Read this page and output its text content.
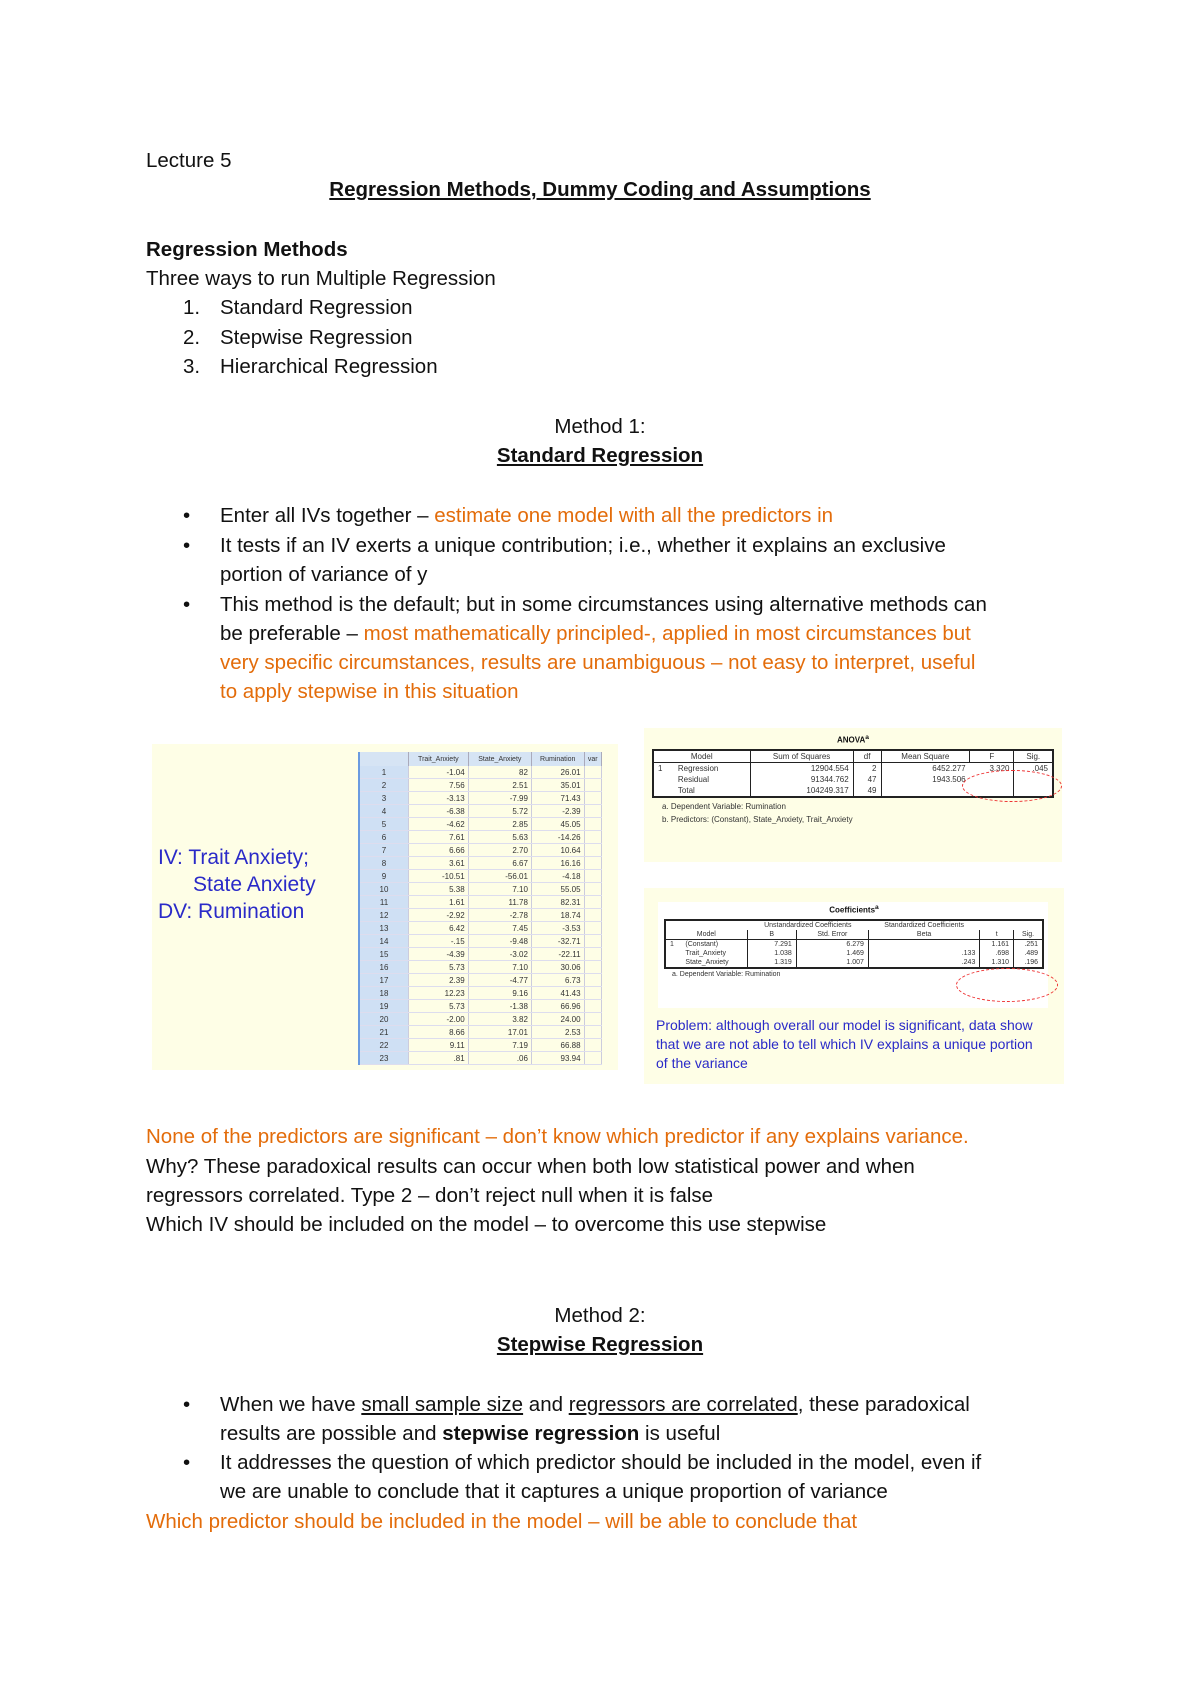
Lecture 5
Regression Methods, Dummy Coding and Assumptions
Regression Methods
Three ways to run Multiple Regression
1. Standard Regression
2. Stepwise Regression
3. Hierarchical Regression
Method 1:
Standard Regression
• Enter all IVs together – estimate one model with all the predictors in
• It tests if an IV exerts a unique contribution; i.e., whether it explains an exclusive
portion of variance of y
• This method is the default; but in some circumstances using alternative methods can
be preferable – most mathematically principled-, applied in most circumstances but
very specific circumstances, results are unambiguous – not easy to interpret, useful
to apply stepwise in this situation
IV: Trait Anxiety;
State Anxiety
DV: Rumination
	Trait_Anxiety	State_Anxiety	Rumination	var
1	-1.04	82	26.01	
2	7.56	2.51	35.01	
3	-3.13	-7.99	71.43	
4	-6.38	5.72	-2.39	
5	-4.62	2.85	45.05	
6	7.61	5.63	-14.26	
7	6.66	2.70	10.64	
8	3.61	6.67	16.16	
9	-10.51	-56.01	-4.18	
10	5.38	7.10	55.05	
11	1.61	11.78	82.31	
12	-2.92	-2.78	18.74	
13	6.42	7.45	-3.53	
14	-.15	-9.48	-32.71	
15	-4.39	-3.02	-22.11	
16	5.73	7.10	30.06	
17	2.39	-4.77	6.73	
18	12.23	9.16	41.43	
19	5.73	-1.38	66.96	
20	-2.00	3.82	24.00	
21	8.66	17.01	2.53	
22	9.11	7.19	66.88	
23	.81	.06	93.94	
ANOVA$^a$
Model		Sum of Squares	df	Mean Square	F	Sig.
1	Regression	12904.554	2	6452.277	3.320	.045
	Residual	91344.762	47	1943.506		
	Total	104249.317	49			
a. Dependent Variable: Rumination
b. Predictors: (Constant), State_Anxiety, Trait_Anxiety
Coefficients$^a$
		Unstandardized Coefficients		Standardized Coefficients		
Model		B	Std. Error	Beta	t	Sig.
1	(Constant)	7.291	6.279		1.161	.251
	Trait_Anxiety	1.038	1.469	.133	.698	.489
	State_Anxiety	1.319	1.007	.243	1.310	.196
a. Dependent Variable: Rumination
Problem: although overall our model is significant, data show that we are not able to tell which IV explains a unique portion of the variance
None of the predictors are significant – don’t know which predictor if any explains variance.
Why? These paradoxical results can occur when both low statistical power and when
regressors correlated. Type 2 – don’t reject null when it is false
Which IV should be included on the model – to overcome this use stepwise
Method 2:
Stepwise Regression
• When we have small sample size and regressors are correlated, these paradoxical
results are possible and stepwise regression is useful
• It addresses the question of which predictor should be included in the model, even if
we are unable to conclude that it captures a unique proportion of variance
Which predictor should be included in the model – will be able to conclude that
